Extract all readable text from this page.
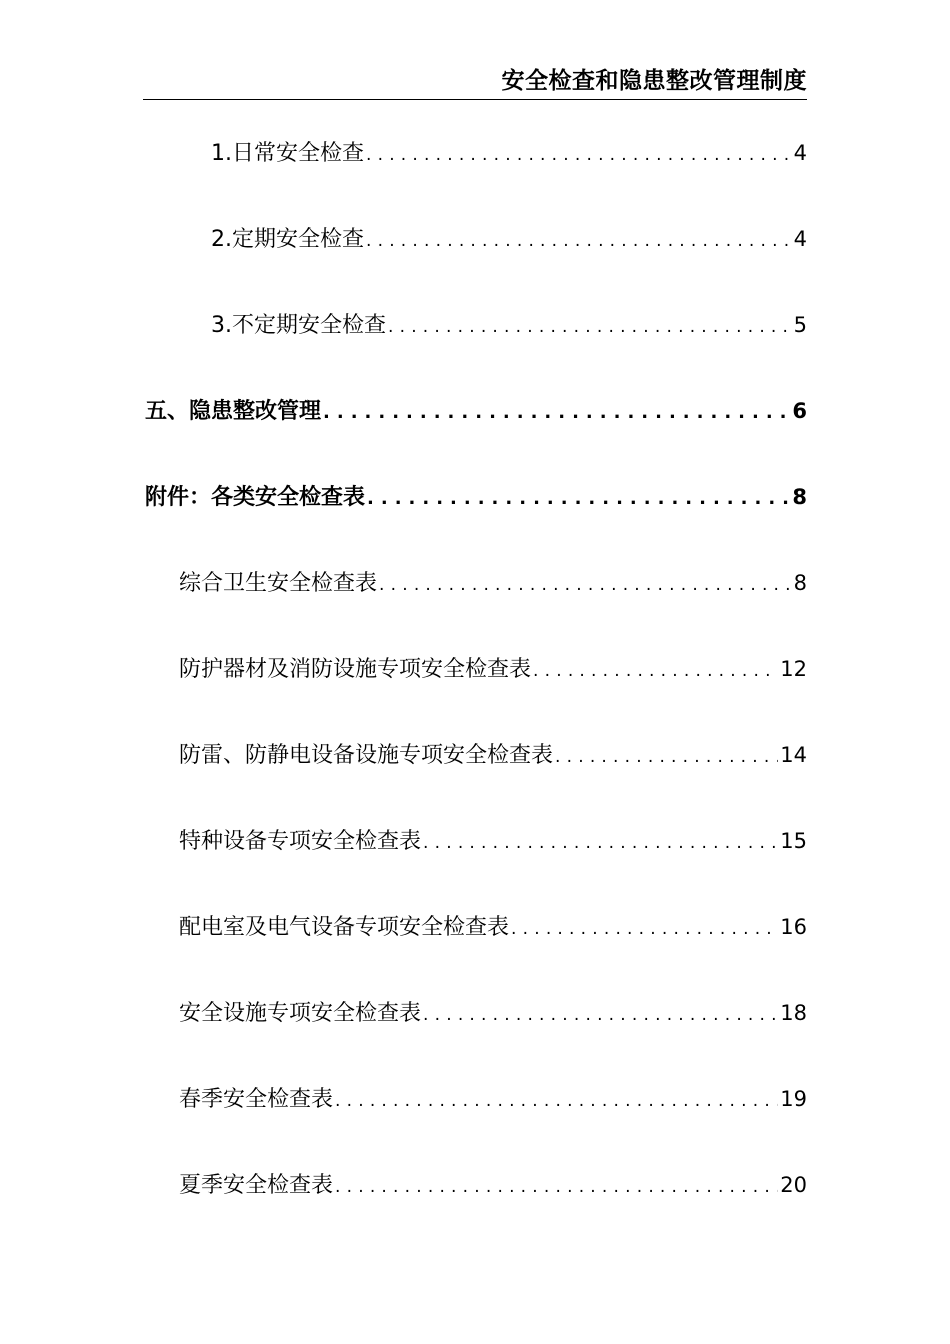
安全检查和隐患整改管理制度
1.日常安全检查 .....	4
2.定期安全检查 .....	4
3.不定期安全检查 .....	5
五、隐患整改管理 .....	6
附件：各类安全检查表 .....	8
综合卫生安全检查表 .....	8
防护器材及消防设施专项安全检查表 .....	12
防雷、防静电设备设施专项安全检查表 .....	14
特种设备专项安全检查表 .....	15
配电室及电气设备专项安全检查表 .....	16
安全设施专项安全检查表 .....	18
春季安全检查表 .....	19
夏季安全检查表 .....	20
